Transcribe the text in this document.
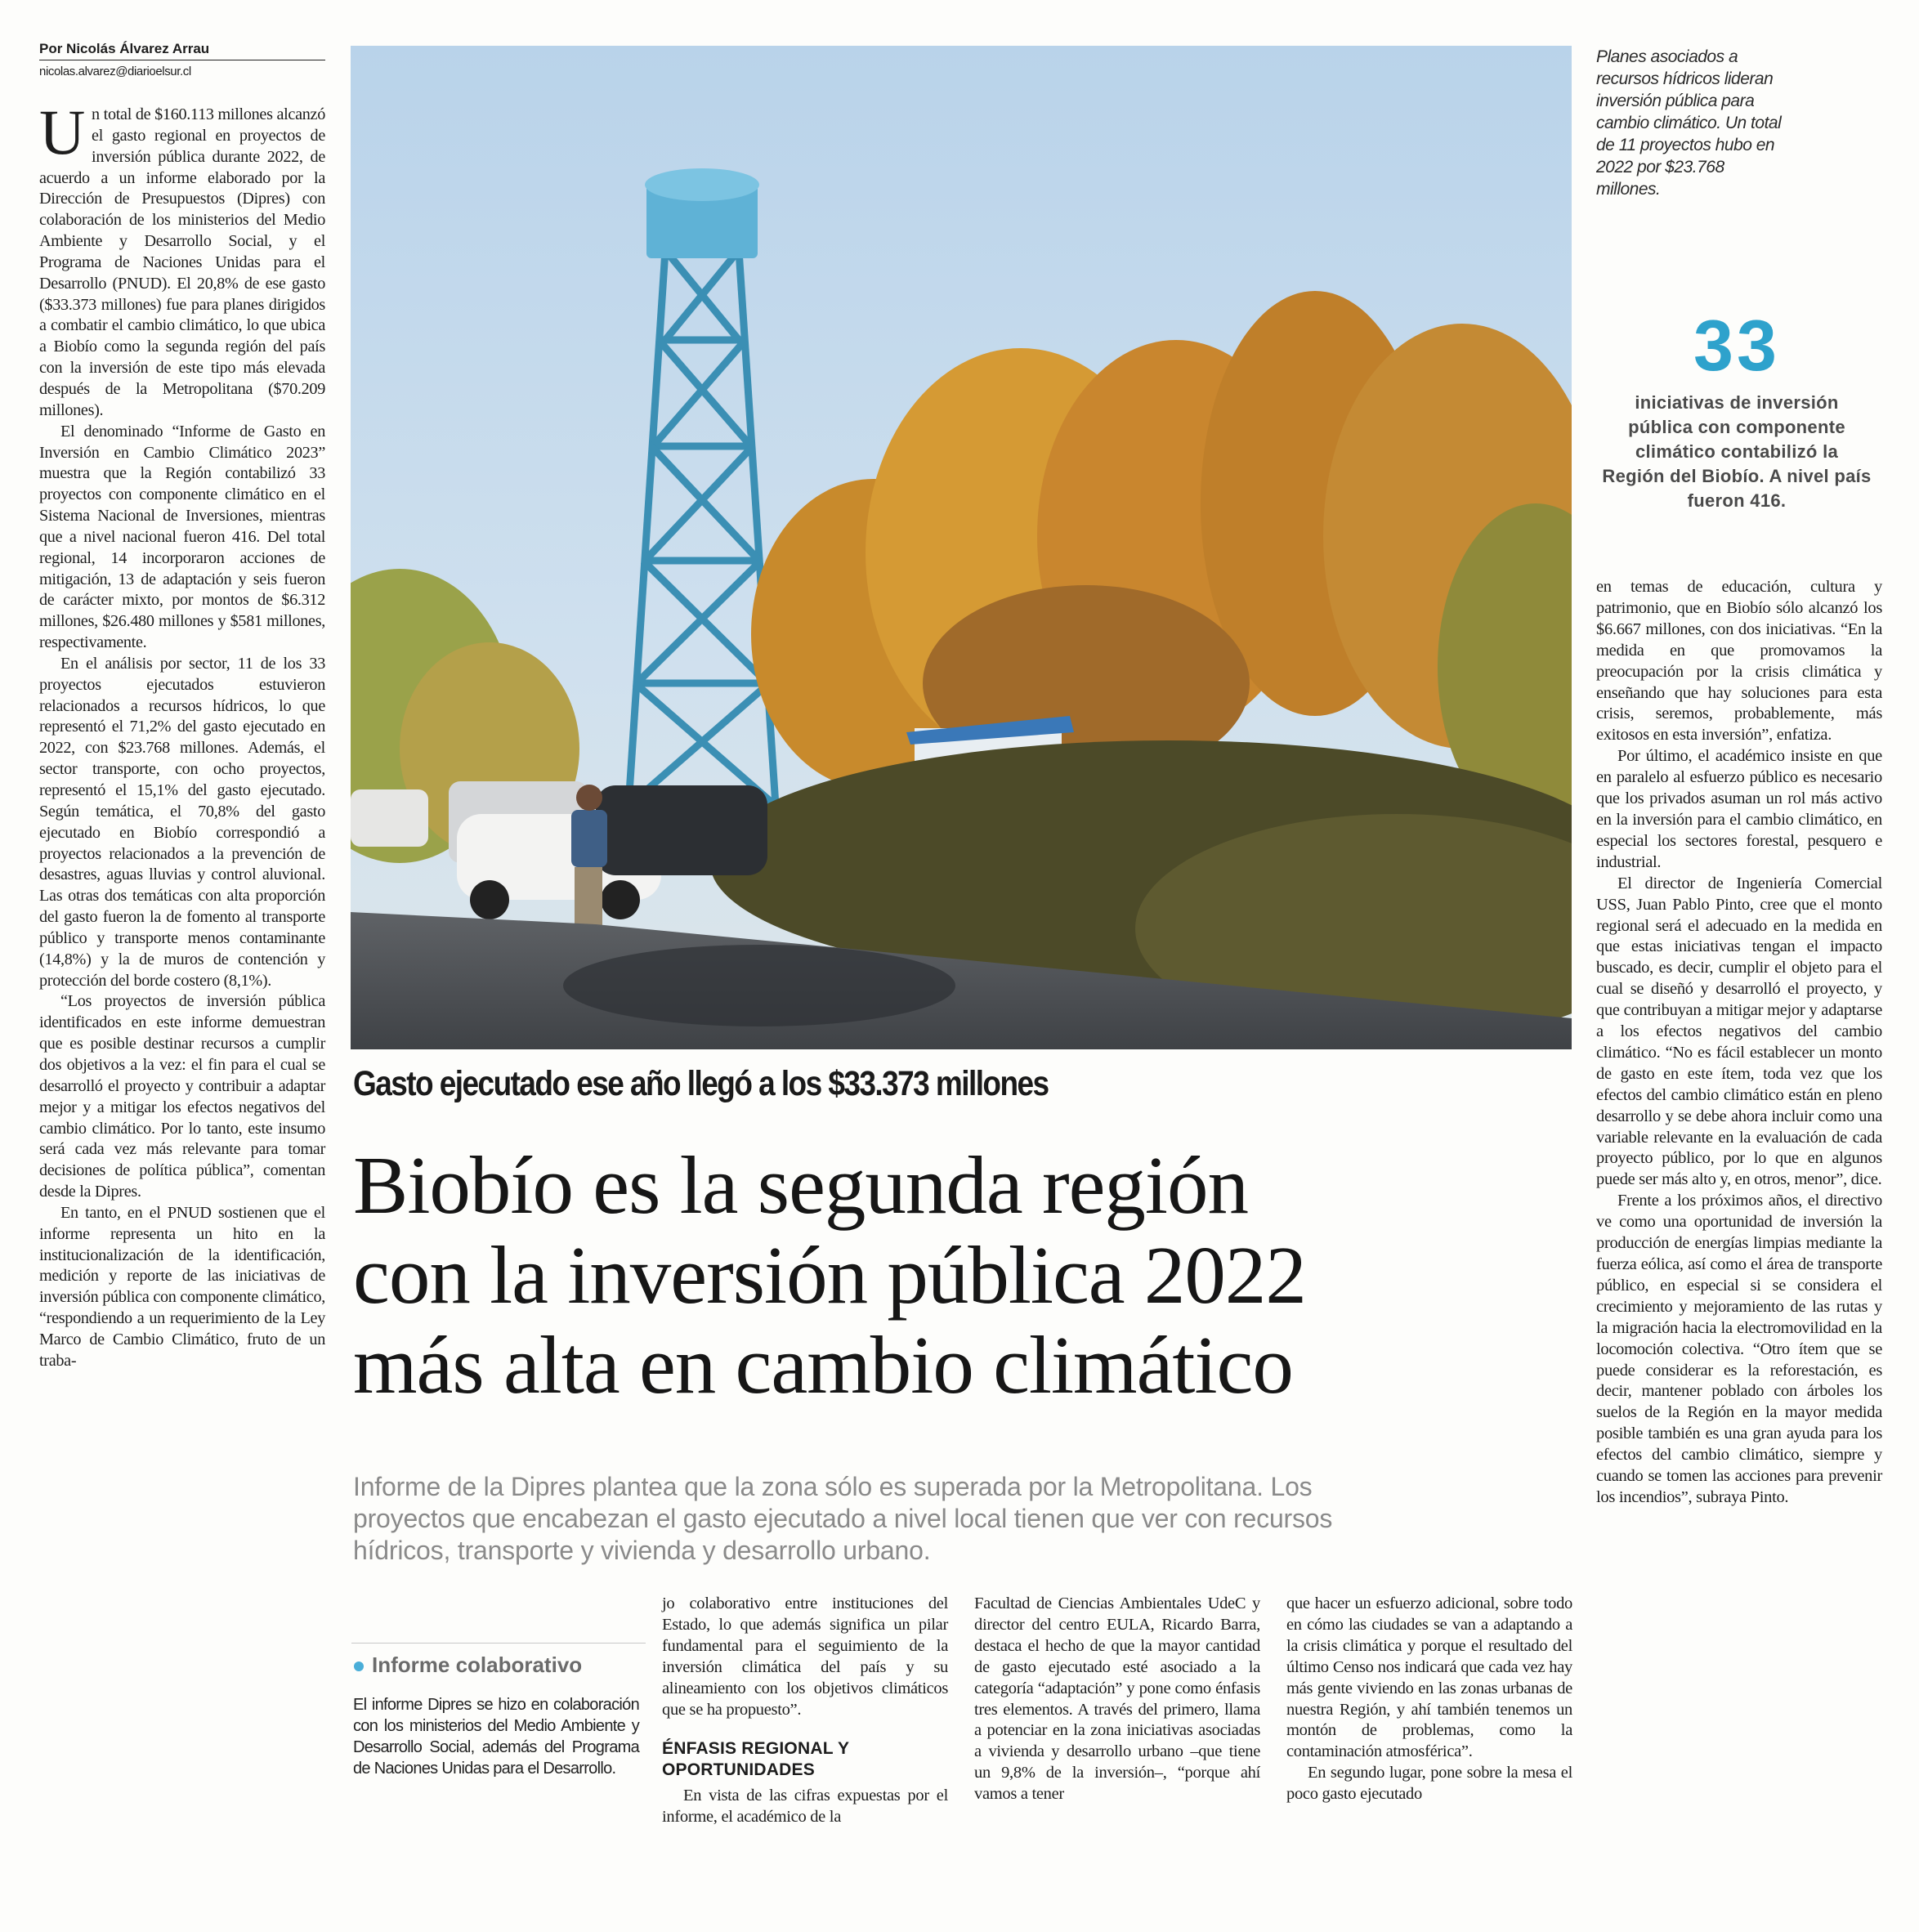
Por Nicolás Álvarez Arrau
nicolas.alvarez@diarioelsur.cl

Un total de $160.113 millones alcanzó el gasto regional en proyectos de inversión pública durante 2022, de acuerdo a un informe elaborado por la Dirección de Presupuestos (Dipres) con colaboración de los ministerios del Medio Ambiente y Desarrollo Social, y el Programa de Naciones Unidas para el Desarrollo (PNUD). El 20,8% de ese gasto ($33.373 millones) fue para planes dirigidos a combatir el cambio climático, lo que ubica a Biobío como la segunda región del país con la inversión de este tipo más elevada después de la Metropolitana ($70.209 millones).

El denominado “Informe de Gasto en Inversión en Cambio Climático 2023” muestra que la Región contabilizó 33 proyectos con componente climático en el Sistema Nacional de Inversiones, mientras que a nivel nacional fueron 416. Del total regional, 14 incorporaron acciones de mitigación, 13 de adaptación y seis fueron de carácter mixto, por montos de $6.312 millones, $26.480 millones y $581 millones, respectivamente.

En el análisis por sector, 11 de los 33 proyectos ejecutados estuvieron relacionados a recursos hídricos, lo que representó el 71,2% del gasto ejecutado en 2022, con $23.768 millones. Además, el sector transporte, con ocho proyectos, representó el 15,1% del gasto ejecutado. Según temática, el 70,8% del gasto ejecutado en Biobío correspondió a proyectos relacionados a la prevención de desastres, aguas lluvias y control aluvional. Las otras dos temáticas con alta proporción del gasto fueron la de fomento al transporte público y transporte menos contaminante (14,8%) y la de muros de contención y protección del borde costero (8,1%).

“Los proyectos de inversión pública identificados en este informe demuestran que es posible destinar recursos a cumplir dos objetivos a la vez: el fin para el cual se desarrolló el proyecto y contribuir a adaptar mejor y a mitigar los efectos negativos del cambio climático. Por lo tanto, este insumo será cada vez más relevante para tomar decisiones de política pública”, comentan desde la Dipres.

En tanto, en el PNUD sostienen que el informe representa un hito en la institucionalización de la identificación, medición y reporte de las iniciativas de inversión pública con componente climático, “respondiendo a un requerimiento de la Ley Marco de Cambio Climático, fruto de un traba-

Gasto ejecutado ese año llegó a los $33.373 millones
Biobío es la segunda región
con la inversión pública 2022
más alta en cambio climático
Informe de la Dipres plantea que la zona sólo es superada por la Metropolitana. Los
proyectos que encabezan el gasto ejecutado a nivel local tienen que ver con recursos
hídricos, transporte y vivienda y desarrollo urbano.
Informe colaborativo
El informe Dipres se hizo en colaboración con los ministerios del Medio Ambiente y Desarrollo Social, además del Programa de Naciones Unidas para el Desarrollo.

jo colaborativo entre instituciones del Estado, lo que además significa un pilar fundamental para el seguimiento de la inversión climática del país y su alineamiento con los objetivos climáticos que se ha propuesto”.

ÉNFASIS REGIONAL Y OPORTUNIDADES

En vista de las cifras expuestas por el informe, el académico de la

Facultad de Ciencias Ambientales UdeC y director del centro EULA, Ricardo Barra, destaca el hecho de que la mayor cantidad de gasto ejecutado esté asociado a la categoría “adaptación” y pone como énfasis tres elementos. A través del primero, llama a potenciar en la zona iniciativas asociadas a vivienda y desarrollo urbano –que tiene un 9,8% de la inversión–, “porque ahí vamos a tener

que hacer un esfuerzo adicional, sobre todo en cómo las ciudades se van a adaptando a la crisis climática y porque el resultado del último Censo nos indicará que cada vez hay más gente viviendo en las zonas urbanas de nuestra Región, y ahí también tenemos un montón de problemas, como la contaminación atmosférica”.

En segundo lugar, pone sobre la mesa el poco gasto ejecutado

Planes asociados a recursos hídricos lideran inversión pública para cambio climático. Un total de 11 proyectos hubo en 2022 por $23.768 millones.
33
iniciativas de inversión pública con componente climático contabilizó la Región del Biobío. A nivel país fueron 416.

en temas de educación, cultura y patrimonio, que en Biobío sólo alcanzó los $6.667 millones, con dos iniciativas. “En la medida en que promovamos la preocupación por la crisis climática y enseñando que hay soluciones para esta crisis, seremos, probablemente, más exitosos en esta inversión”, enfatiza.

Por último, el académico insiste en que en paralelo al esfuerzo público es necesario que los privados asuman un rol más activo en la inversión para el cambio climático, en especial los sectores forestal, pesquero e industrial.

El director de Ingeniería Comercial USS, Juan Pablo Pinto, cree que el monto regional será el adecuado en la medida en que estas iniciativas tengan el impacto buscado, es decir, cumplir el objeto para el cual se diseñó y desarrolló el proyecto, y que contribuyan a mitigar mejor y adaptarse a los efectos negativos del cambio climático. “No es fácil establecer un monto de gasto en este ítem, toda vez que los efectos del cambio climático están en pleno desarrollo y se debe ahora incluir como una variable relevante en la evaluación de cada proyecto público, por lo que en algunos puede ser más alto y, en otros, menor”, dice.

Frente a los próximos años, el directivo ve como una oportunidad de inversión la producción de energías limpias mediante la fuerza eólica, así como el área de transporte público, en especial si se considera el crecimiento y mejoramiento de las rutas y la migración hacia la electromovilidad en la locomoción colectiva. “Otro ítem que se puede considerar es la reforestación, es decir, mantener poblado con árboles los suelos de la Región en la mayor medida posible también es una gran ayuda para los efectos del cambio climático, siempre y cuando se tomen las acciones para prevenir los incendios”, subraya Pinto.
